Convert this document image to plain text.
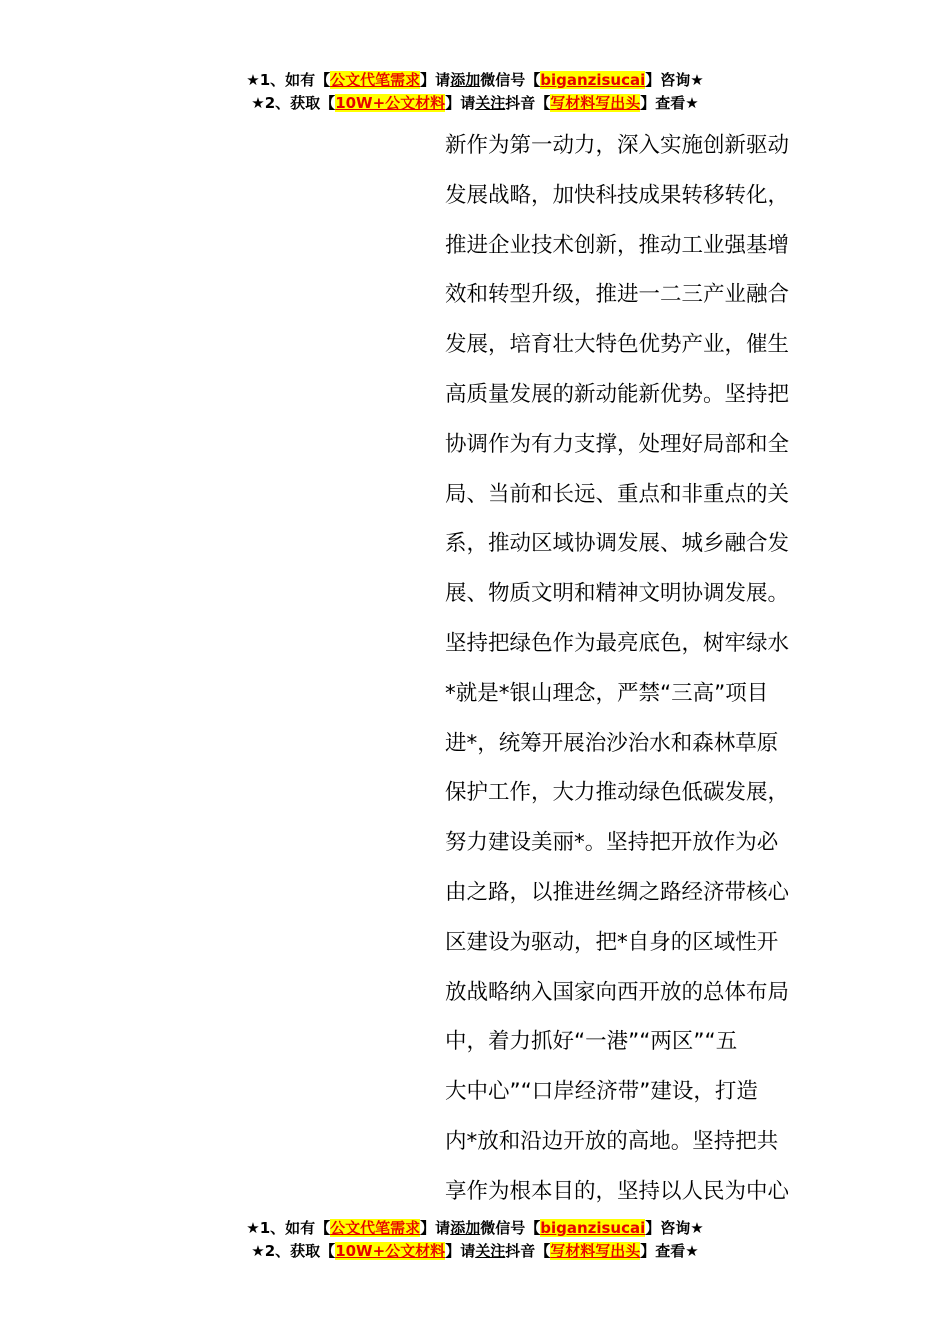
★1、如有【公文代笔需求】请添加微信号【biganzisucai】咨询★
★2、获取【10W+公文材料】请关注抖音【写材料写出头】查看★
新作为第一动力，深入实施创新驱动
发展战略，加快科技成果转移转化，
推进企业技术创新，推动工业强基增
效和转型升级，推进一二三产业融合
发展，培育壮大特色优势产业，催生
高质量发展的新动能新优势。坚持把
协调作为有力支撑，处理好局部和全
局、当前和长远、重点和非重点的关
系，推动区域协调发展、城乡融合发
展、物质文明和精神文明协调发展。
坚持把绿色作为最亮底色，树牢绿水
*就是*银山理念，严禁“三高”项目
进*，统筹开展治沙治水和森林草原
保护工作，大力推动绿色低碳发展，
努力建设美丽*。坚持把开放作为必
由之路，以推进丝绸之路经济带核心
区建设为驱动，把*自身的区域性开
放战略纳入国家向西开放的总体布局
中，着力抓好“一港”“两区”“五
大中心”“口岸经济带”建设，打造
内*放和沿边开放的高地。坚持把共
享作为根本目的，坚持以人民为中心
★1、如有【公文代笔需求】请添加微信号【biganzisucai】咨询★
★2、获取【10W+公文材料】请关注抖音【写材料写出头】查看★
